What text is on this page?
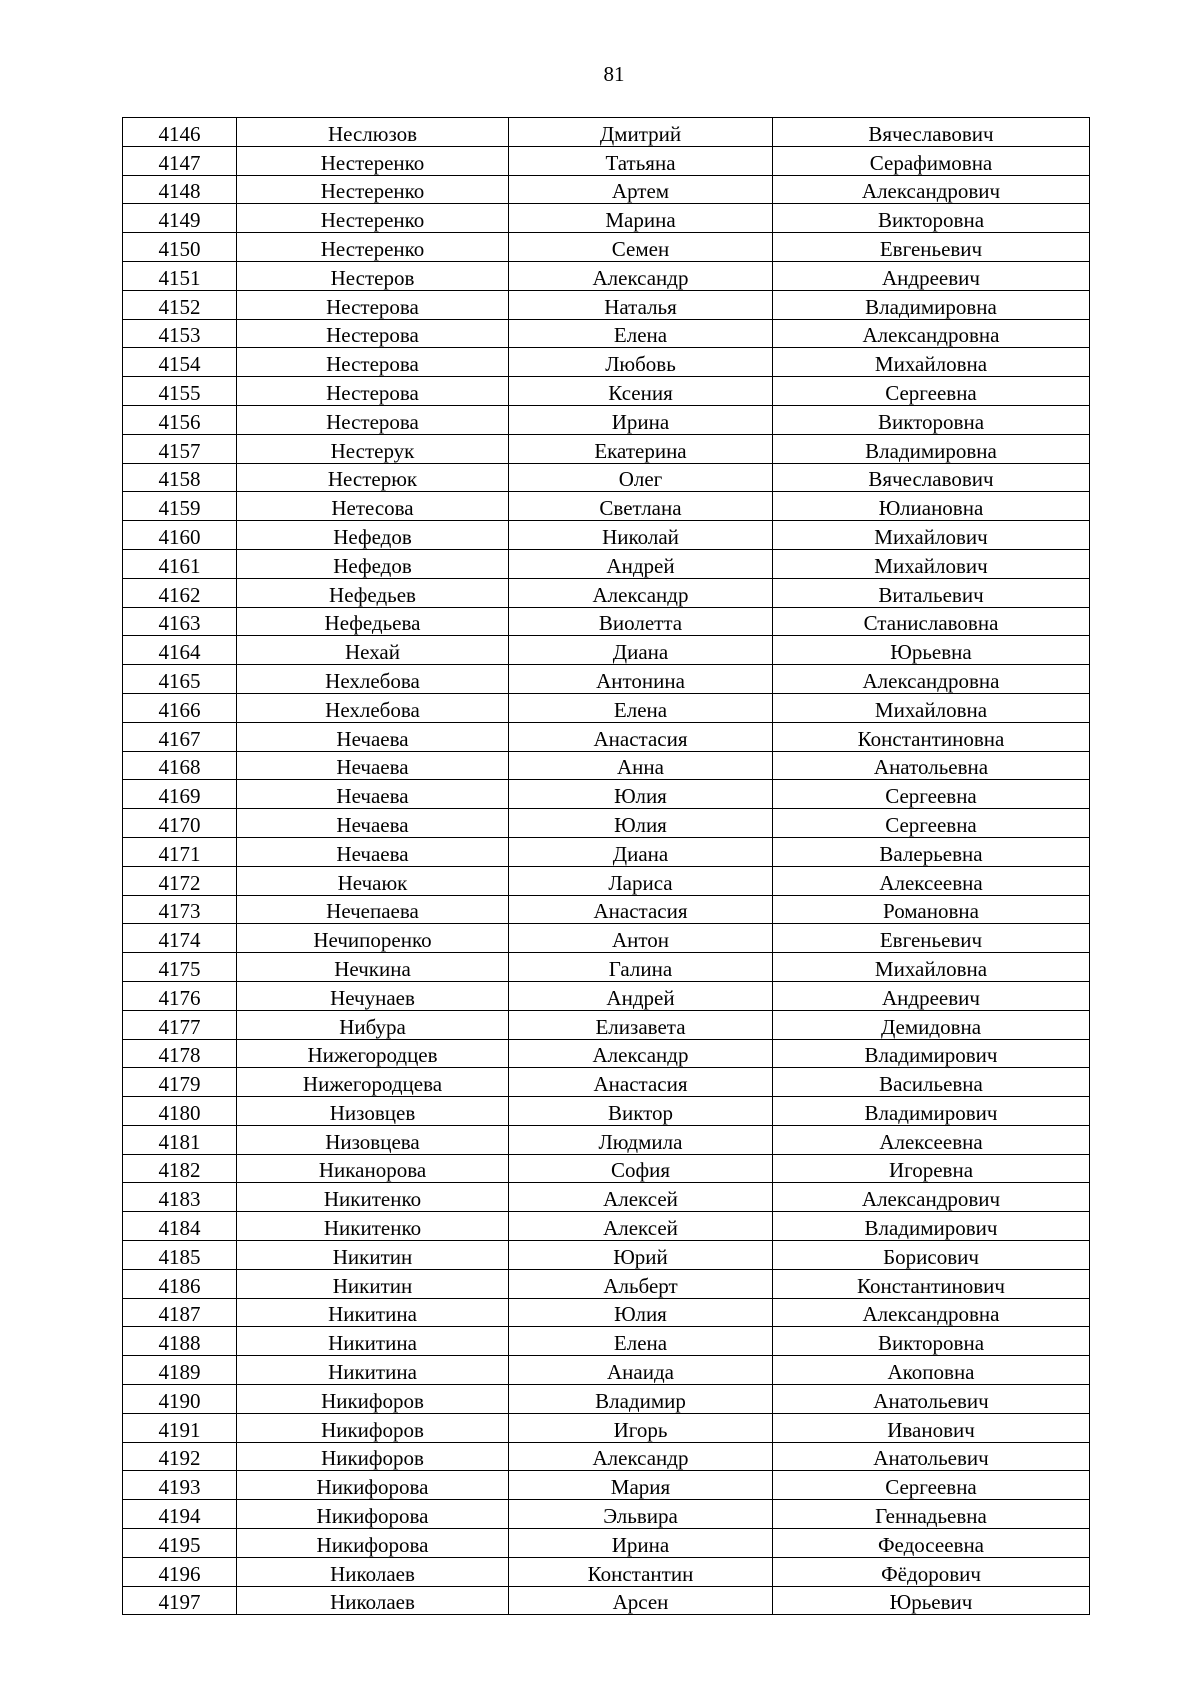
81
4146	Неслюзов	Дмитрий	Вячеславович
4147	Нестеренко	Татьяна	Серафимовна
4148	Нестеренко	Артем	Александрович
4149	Нестеренко	Марина	Викторовна
4150	Нестеренко	Семен	Евгеньевич
4151	Нестеров	Александр	Андреевич
4152	Нестерова	Наталья	Владимировна
4153	Нестерова	Елена	Александровна
4154	Нестерова	Любовь	Михайловна
4155	Нестерова	Ксения	Сергеевна
4156	Нестерова	Ирина	Викторовна
4157	Нестерук	Екатерина	Владимировна
4158	Нестерюк	Олег	Вячеславович
4159	Нетесова	Светлана	Юлиановна
4160	Нефедов	Николай	Михайлович
4161	Нефедов	Андрей	Михайлович
4162	Нефедьев	Александр	Витальевич
4163	Нефедьева	Виолетта	Станиславовна
4164	Нехай	Диана	Юрьевна
4165	Нехлебова	Антонина	Александровна
4166	Нехлебова	Елена	Михайловна
4167	Нечаева	Анастасия	Константиновна
4168	Нечаева	Анна	Анатольевна
4169	Нечаева	Юлия	Сергеевна
4170	Нечаева	Юлия	Сергеевна
4171	Нечаева	Диана	Валерьевна
4172	Нечаюк	Лариса	Алексеевна
4173	Нечепаева	Анастасия	Романовна
4174	Нечипоренко	Антон	Евгеньевич
4175	Нечкина	Галина	Михайловна
4176	Нечунаев	Андрей	Андреевич
4177	Нибура	Елизавета	Демидовна
4178	Нижегородцев	Александр	Владимирович
4179	Нижегородцева	Анастасия	Васильевна
4180	Низовцев	Виктор	Владимирович
4181	Низовцева	Людмила	Алексеевна
4182	Никанорова	София	Игоревна
4183	Никитенко	Алексей	Александрович
4184	Никитенко	Алексей	Владимирович
4185	Никитин	Юрий	Борисович
4186	Никитин	Альберт	Константинович
4187	Никитина	Юлия	Александровна
4188	Никитина	Елена	Викторовна
4189	Никитина	Анаида	Акоповна
4190	Никифоров	Владимир	Анатольевич
4191	Никифоров	Игорь	Иванович
4192	Никифоров	Александр	Анатольевич
4193	Никифорова	Мария	Сергеевна
4194	Никифорова	Эльвира	Геннадьевна
4195	Никифорова	Ирина	Федосеевна
4196	Николаев	Константин	Фёдорович
4197	Николаев	Арсен	Юрьевич
